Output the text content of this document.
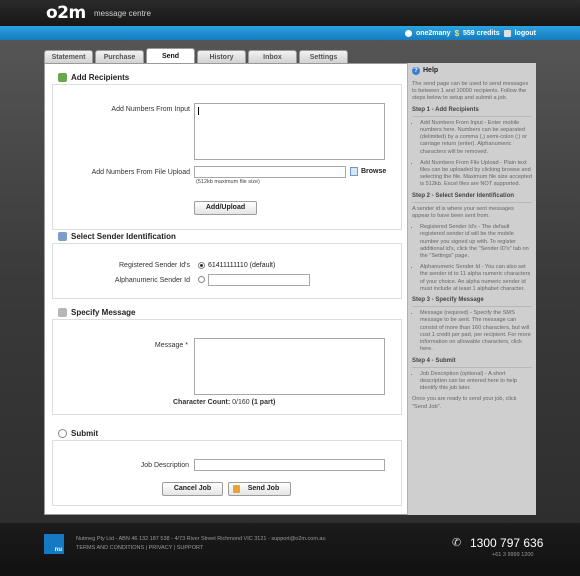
o2m message centre
one2many $ 559 credits logout
Statement	Purchase	Send	History	Inbox	Settings
Add Recipients
Add Numbers From Input
Add Numbers From File Upload	Browse
(512kb maximum file size)
Add/Upload
Select Sender Identification
Registered Sender Id's	61411111110 (default)
Alphanumeric Sender Id
Specify Message
Message *
Character Count: 0/160 (1 part)
Submit
Job Description
Cancel Job	Send Job
? Help

The send page can be used to send messages to between 1 and 10000 recipients. Follow the steps below to setup and submit a job.

Step 1 - Add Recipients
• Add Numbers From Input - Enter mobile numbers here. Numbers can be separated (delimited) by a comma (,) semi-colon (;) or carriage return (enter). Alphanumeric characters will be removed.
• Add Numbers From File Upload - Plain text files can be uploaded by clicking browse and selecting the file. Maximum file size accepted is 512kb. Excel files are NOT supported.
Step 2 - Select Sender Identification

A sender id is where your sent messages appear to have been sent from.

• Registered Sender Id's - The default registered sender id will be the mobile number you signed up with. To register additional id's, click the "Sender ID's" tab on the "Settings" page.
• Alphanumeric Sender Id - You can also set the sender id to 11 alpha numeric characters of your choice. An alpha numeric sender id must include at least 1 alphabet character.
Step 3 - Specify Message
• Message (required) - Specify the SMS message to be sent. The message can consist of more than 160 characters, but will cost 1 credit per part, per recipient. For more information on allowable characters, click here.
Step 4 - Submit
• Job Description (optional) - A short description can be entered here to help identify this job later.

Once you are ready to send your job, click "Send Job".

nu
Nutmeg Pty Ltd - ABN 46 132 187 538 - 4/73 River Street Richmond VIC 3121 - support@o2m.com.au
TERMS AND CONDITIONS | PRIVACY | SUPPORT	✆ 1300 797 636
+61 3 9999 1200
